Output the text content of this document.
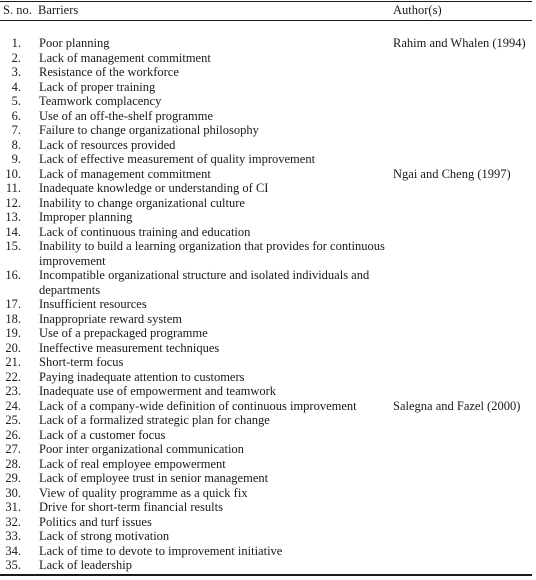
S. no. Barriers	Author(s)
1. Poor planning	Rahim and Whalen (1994)
2. Lack of management commitment
3. Resistance of the workforce
4. Lack of proper training
5. Teamwork complacency
6. Use of an off-the-shelf programme
7. Failure to change organizational philosophy
8. Lack of resources provided
9. Lack of effective measurement of quality improvement
10. Lack of management commitment	Ngai and Cheng (1997)
11. Inadequate knowledge or understanding of CI
12. Inability to change organizational culture
13. Improper planning
14. Lack of continuous training and education
15. Inability to build a learning organization that provides for continuous improvement
16. Incompatible organizational structure and isolated individuals and departments
17. Insufficient resources
18. Inappropriate reward system
19. Use of a prepackaged programme
20. Ineffective measurement techniques
21. Short-term focus
22. Paying inadequate attention to customers
23. Inadequate use of empowerment and teamwork
24. Lack of a company-wide definition of continuous improvement	Salegna and Fazel (2000)
25. Lack of a formalized strategic plan for change
26. Lack of a customer focus
27. Poor inter organizational communication
28. Lack of real employee empowerment
29. Lack of employee trust in senior management
30. View of quality programme as a quick fix
31. Drive for short-term financial results
32. Politics and turf issues
33. Lack of strong motivation
34. Lack of time to devote to improvement initiative
35. Lack of leadership
